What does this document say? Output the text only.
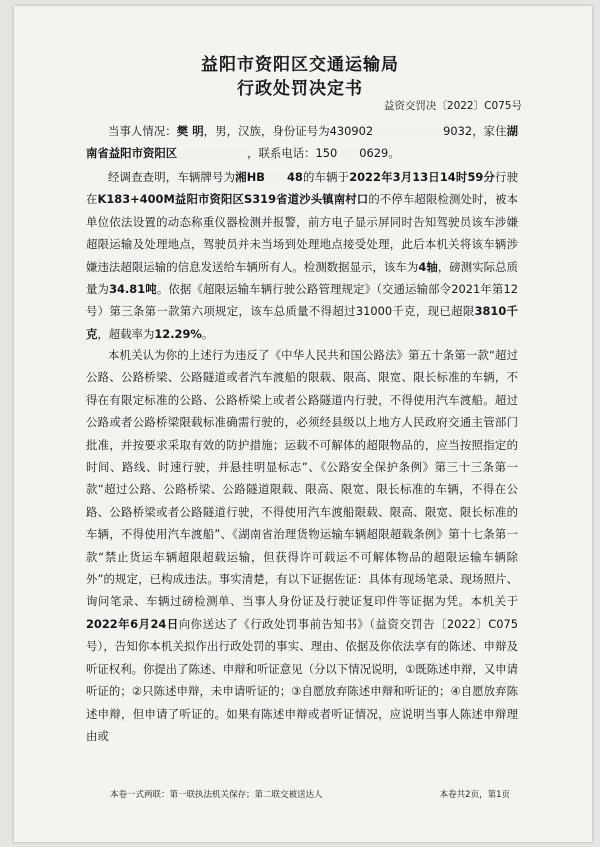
益阳市资阳区交通运输局
行政处罚决定书
益资交罚决〔2022〕C075号

当事人情况：樊 明，男，汉族，身份证号为430902	9032，家住湖南省益阳市资阳区	，联系电话：150 0629。

经调查查明，车辆牌号为湘HB 48的车辆于2022年3月13日14时59分行驶在K183+400M益阳市资阳区S319省道沙头镇南村口的不停车超限检测处时，被本单位依法设置的动态称重仪器检测并报警，前方电子显示屏同时告知驾驶员该车涉嫌超限运输及处理地点，驾驶员并未当场到处理地点接受处理，此后本机关将该车辆涉嫌违法超限运输的信息发送给车辆所有人。检测数据显示，该车为4轴，磅测实际总质量为34.81吨。依据《超限运输车辆行驶公路管理规定》（交通运输部令2021年第12号）第三条第一款第六项规定，该车总质量不得超过31000千克，现已超限3810千克，超载率为12.29%。

本机关认为你的上述行为违反了《中华人民共和国公路法》第五十条第一款“超过公路、公路桥梁、公路隧道或者汽车渡船的限载、限高、限宽、限长标准的车辆，不得在有限定标准的公路、公路桥梁上或者公路隧道内行驶，不得使用汽车渡船。超过公路或者公路桥梁限载标准确需行驶的，必须经县级以上地方人民政府交通主管部门批准，并按要求采取有效的防护措施；运载不可解体的超限物品的，应当按照指定的时间、路线、时速行驶，并悬挂明显标志”、《公路安全保护条例》第三十三条第一款“超过公路、公路桥梁、公路隧道限载、限高、限宽、限长标准的车辆，不得在公路、公路桥梁或者公路隧道行驶，不得使用汽车渡船限载、限高、限宽、限长标准的车辆，不得使用汽车渡船”、《湖南省治理货物运输车辆超限超载条例》第十七条第一款“禁止货运车辆超限超载运输，但获得许可载运不可解体物品的超限运输车辆除外”的规定，已构成违法。事实清楚，有以下证据佐证：具体有现场笔录、现场照片、询问笔录、车辆过磅检测单、当事人身份证及行驶证复印件等证据为凭。本机关于2022年6月24日向你送达了《行政处罚事前告知书》（益资交罚告〔2022〕C075号），告知你本机关拟作出行政处罚的事实、理由、依据及你依法享有的陈述、申辩及听证权利。你提出了陈述、申辩和听证意见（分以下情况说明，①既陈述申辩，又申请听证的；②只陈述申辩，未申请听证的；③自愿放弃陈述申辩和听证的；④自愿放弃陈述申辩，但申请了听证的。如果有陈述申辩或者听证情况，应说明当事人陈述申辩理由或

本卷一式两联：第一联执法机关保存；第二联交被送达人	本卷共2页，第1页
